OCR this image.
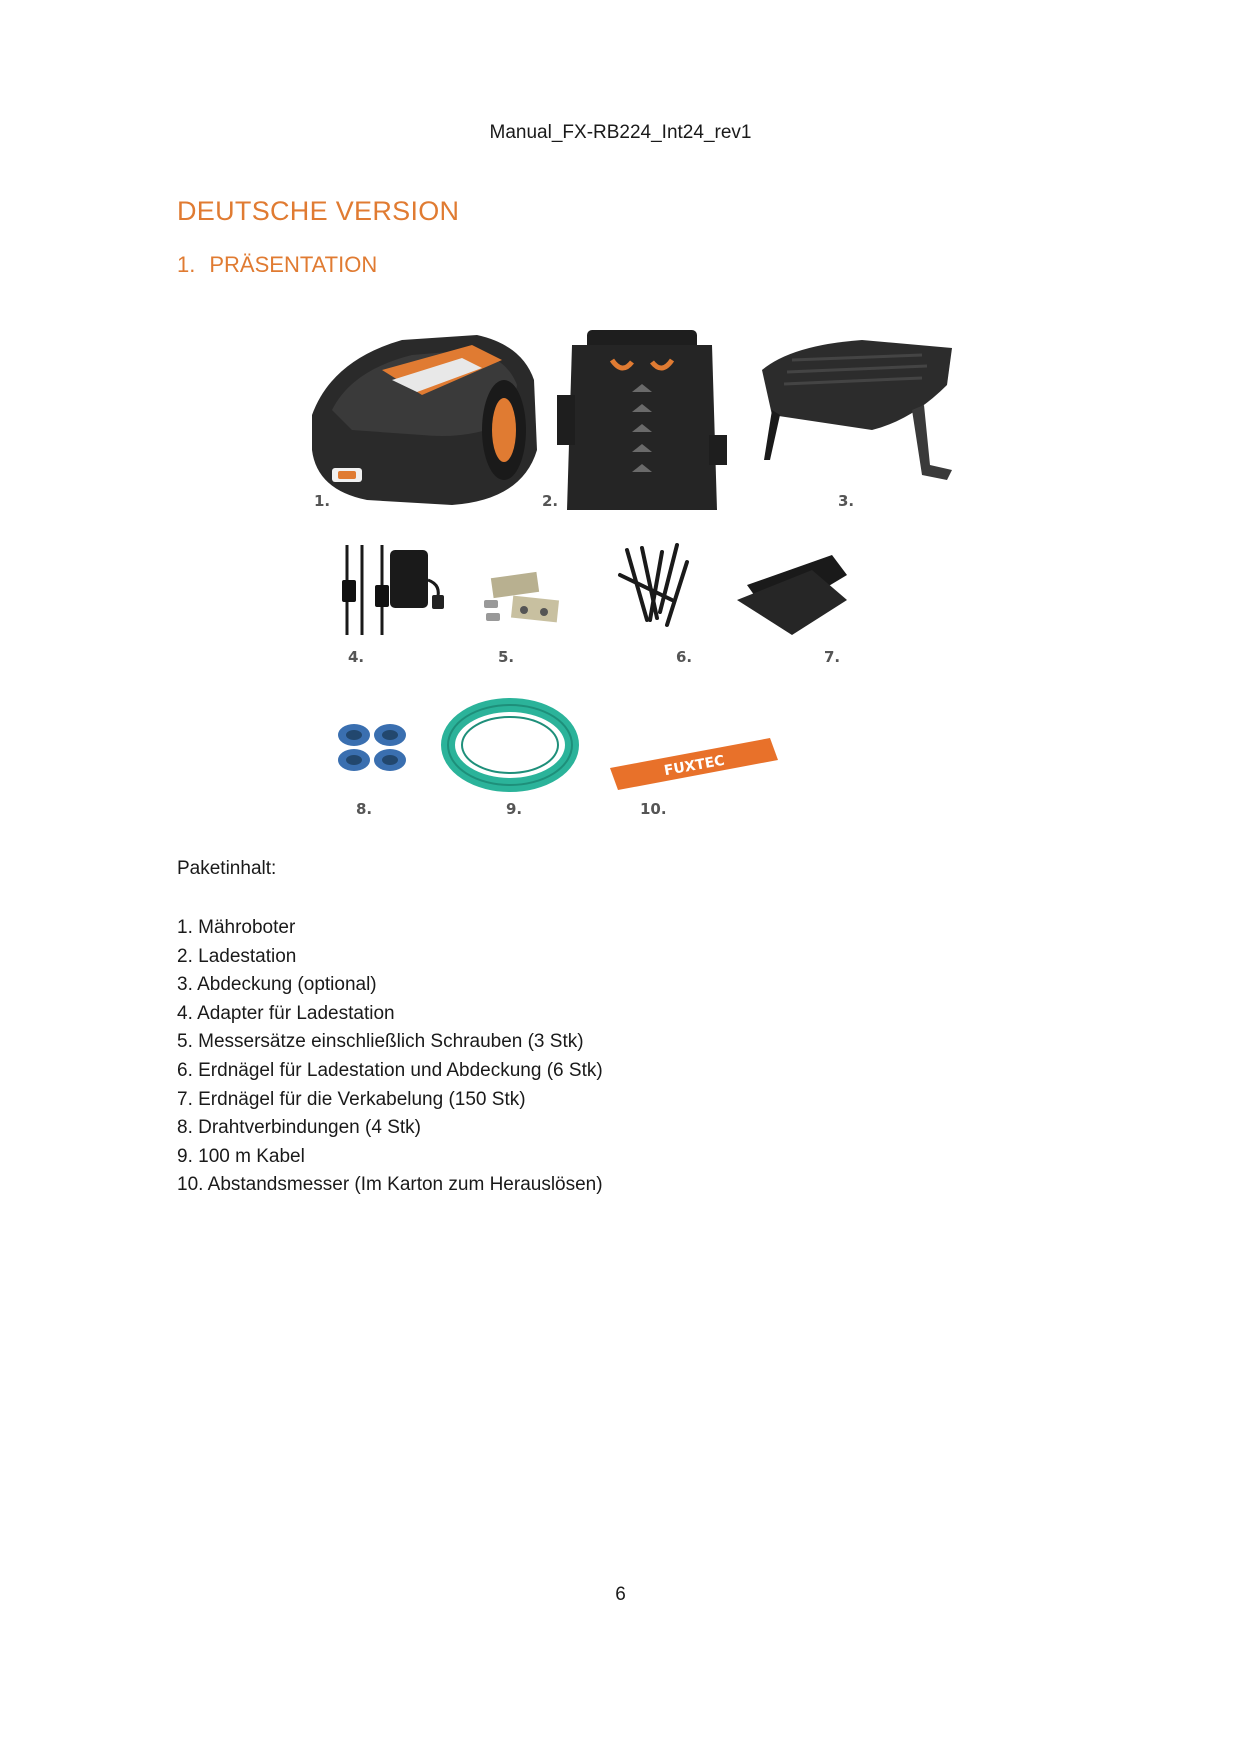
Manual_FX-RB224_Int24_rev1
DEUTSCHE VERSION
1. PRÄSENTATION
FUXTEC
1.	2.	3.
4.	5.	6.	7.
8.	9.	10.
Paketinhalt:
1. Mähroboter
2. Ladestation
3. Abdeckung (optional)
4. Adapter für Ladestation
5. Messersätze einschließlich Schrauben (3 Stk)
6. Erdnägel für Ladestation und Abdeckung (6 Stk)
7. Erdnägel für die Verkabelung (150 Stk)
8. Drahtverbindungen (4 Stk)
9. 100 m Kabel
10. Abstandsmesser (Im Karton zum Herauslösen)
6
